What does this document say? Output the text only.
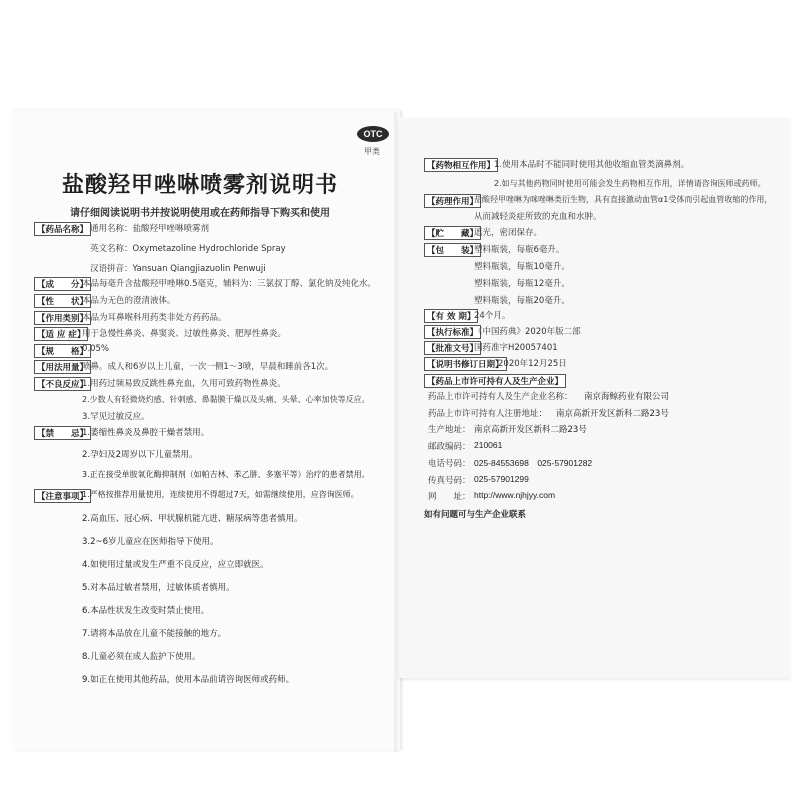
OTC
甲类
盐酸羟甲唑啉喷雾剂说明书
请仔细阅读说明书并按说明使用或在药师指导下购买和使用
【药品名称】 通用名称：盐酸羟甲唑啉喷雾剂
英文名称：Oxymetazoline Hydrochloride Spray
汉语拼音：Yansuan Qiangjiazuolin Penwuji
【成　　分】
本品每毫升含盐酸羟甲唑啉0.5毫克，辅料为：三氯叔丁醇、氯化钠及纯化水。
【性　　状】
本品为无色的澄清液体。
【作用类别】
本品为耳鼻喉科用药类非处方药药品。
【适 应 症】
用于急慢性鼻炎、鼻窦炎、过敏性鼻炎、肥厚性鼻炎。
【规　　格】
0.05%
【用法用量】
喷鼻。成人和6岁以上儿童，一次一侧1～3喷，早晨和睡前各1次。
【不良反应】
1.用药过频易致反跳性鼻充血，久用可致药物性鼻炎。
2.少数人有轻微烧灼感、针刺感、鼻黏膜干燥以及头痛、头晕、心率加快等反应。
3.罕见过敏反应。
【禁　　忌】
1.萎缩性鼻炎及鼻腔干燥者禁用。
2.孕妇及2周岁以下儿童禁用。
3.正在接受单胺氧化酶抑制剂（如帕吉林、苯乙肼、多塞平等）治疗的患者禁用。
【注意事项】
1.严格按推荐用量使用，连续使用不得超过7天，如需继续使用，应咨询医师。
2.高血压、冠心病、甲状腺机能亢进、糖尿病等患者慎用。
3.2~6岁儿童应在医师指导下使用。
4.如使用过量或发生严重不良反应，应立即就医。
5.对本品过敏者禁用，过敏体质者慎用。
6.本品性状发生改变时禁止使用。
7.请将本品放在儿童不能接触的地方。
8.儿童必须在成人监护下使用。
9.如正在使用其他药品，使用本品前请咨询医师或药师。
【药物相互作用】
1.使用本品时不能同时使用其他收缩血管类滴鼻剂。
2.如与其他药物同时使用可能会发生药物相互作用，详情请咨询医师或药师。
【药理作用】
盐酸羟甲唑啉为咪唑啉类衍生物，具有直接激动血管α1受体而引起血管收缩的作用，
从而减轻炎症所致的充血和水肿。
【贮　　藏】
遮光，密闭保存。
【包　　装】
塑料瓶装，每瓶6毫升。
塑料瓶装，每瓶10毫升。
塑料瓶装，每瓶12毫升。
塑料瓶装，每瓶20毫升。
【有 效 期】
24个月。
【执行标准】
《中国药典》2020年版二部
【批准文号】
国药准字H20057401
【说明书修订日期】
2020年12月25日
【药品上市许可持有人及生产企业】
药品上市许可持有人及生产企业名称： 南京海鲸药业有限公司
药品上市许可持有人注册地址： 南京高新开发区新科二路23号
生产地址： 南京高新开发区新科二路23号
邮政编码： 210061
电话号码： 025-84553698　025-57901282
传真号码： 025-57901299
网　　址： http://www.njhjyy.com
如有问题可与生产企业联系
